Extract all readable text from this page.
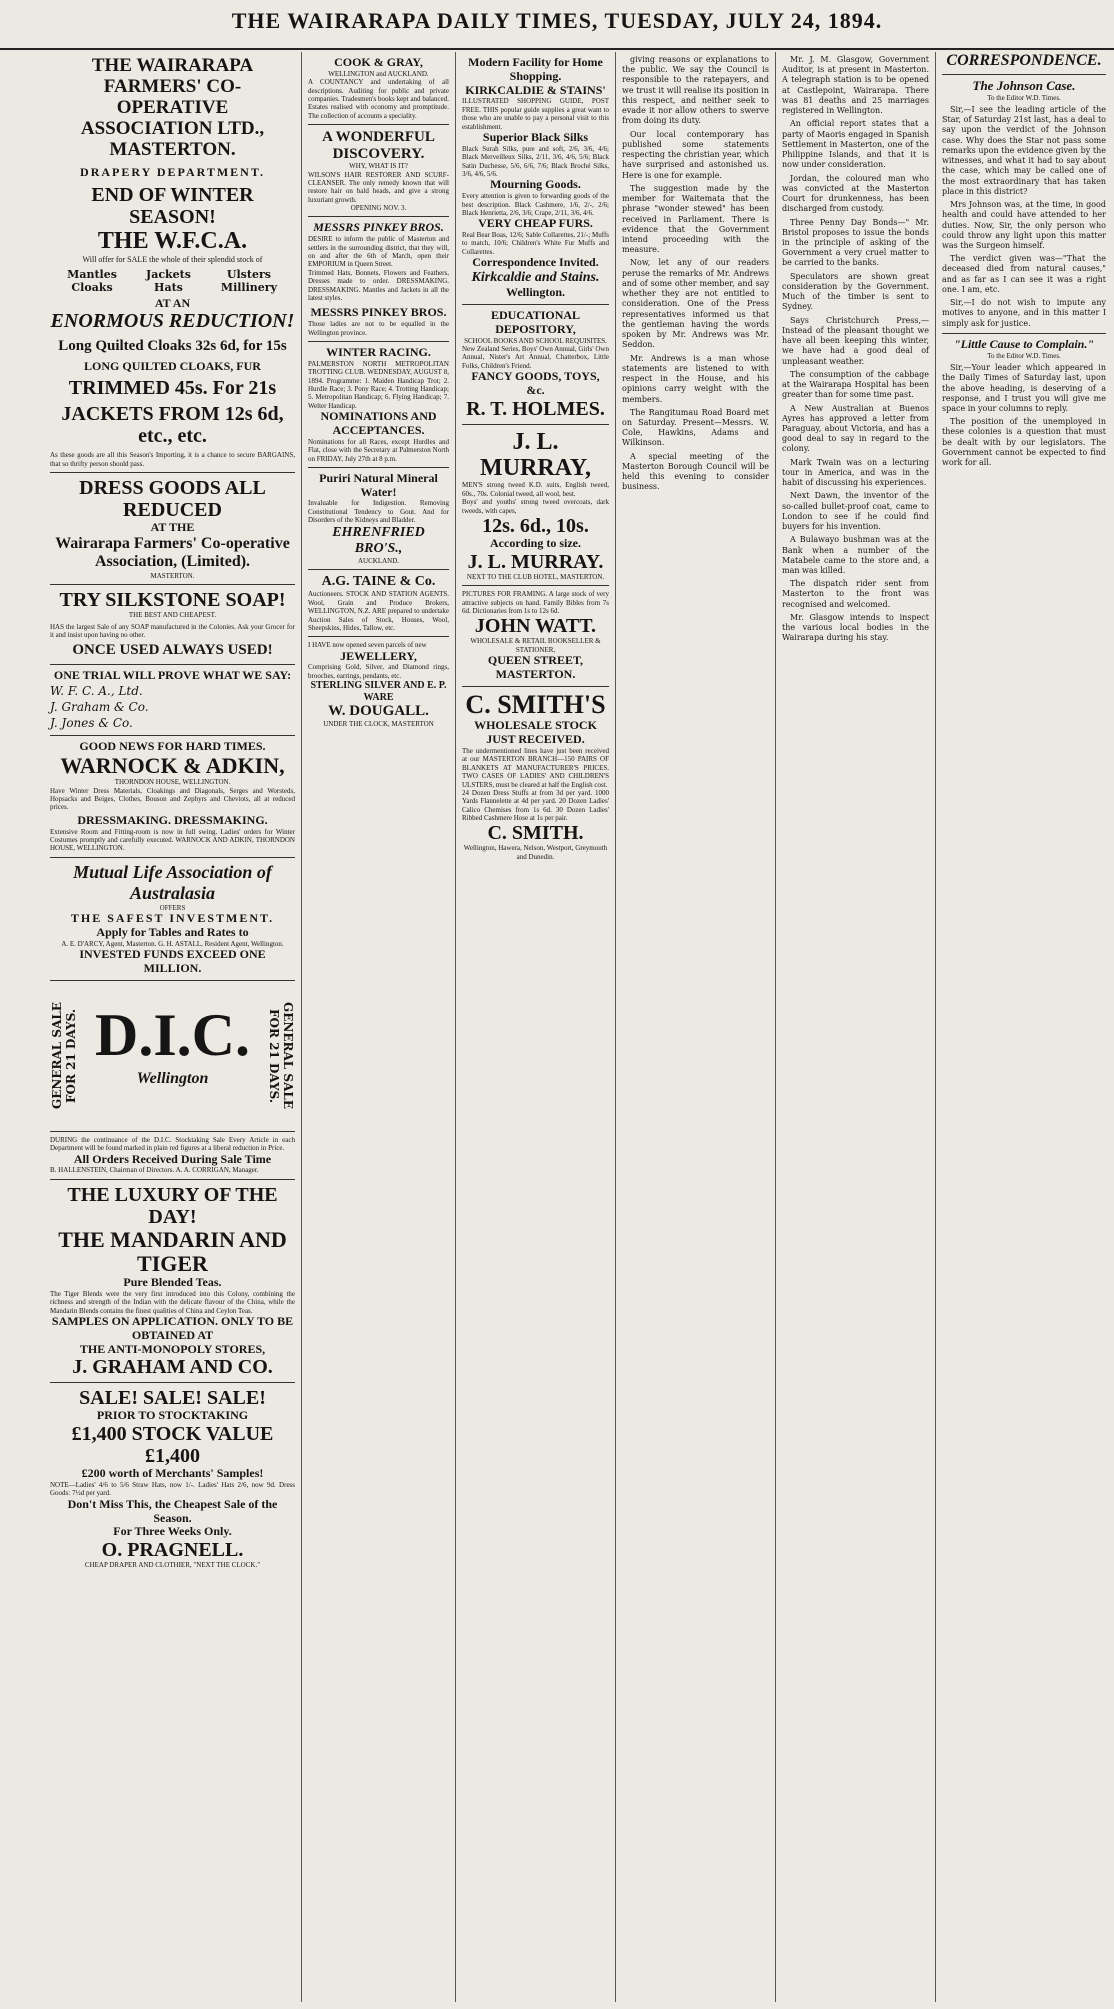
THE WAIRARAPA DAILY TIMES, TUESDAY, JULY 24, 1894.
THE WAIRARAPA FARMERS' CO-OPERATIVE ASSOCIATION LTD., MASTERTON.
DRAPERY DEPARTMENT.
END OF WINTER SEASON!
THE W.F.C.A.
Will offer for SALE the whole of their splendid stock of
Mantles Cloaks
Jackets Hats
Ulsters Millinery
AT AN
ENORMOUS REDUCTION!
Long Quilted Cloaks 32s 6d, for 15s
LONG QUILTED CLOAKS, FUR
TRIMMED 45s. For 21s
JACKETS FROM 12s 6d, etc., etc.
As these goods are all this Season's Importing, it is a chance to secure BARGAINS, that so thrifty person should pass.
DRESS GOODS ALL REDUCED
AT THE
Wairarapa Farmers' Co-operative Association, (Limited).
MASTERTON.
TRY SILKSTONE SOAP!
THE BEST AND CHEAPEST.
HAS the largest Sale of any SOAP manufactured in the Colonies. Ask your Grocer for it and insist upon having no other.
ONCE USED ALWAYS USED!
ONE TRIAL WILL PROVE WHAT WE SAY:
W. F. C. A., Ltd.
J. Graham & Co.
J. Jones & Co.
GOOD NEWS FOR HARD TIMES.
WARNOCK & ADKIN,
THORNDON HOUSE, WELLINGTON.
Have Winter Dress Materials, Cloakings and Diagonals, Serges and Worsteds, Hopsacks and Beiges, Clothes, Bouson and Zephyrs and Cheviots, all at reduced prices.
DRESSMAKING. DRESSMAKING.
Extensive Room and Fitting-room is now in full swing. Ladies' orders for Winter Costumes promptly and carefully executed. WARNOCK AND ADKIN, THORNDON HOUSE, WELLINGTON.
Mutual Life Association of Australasia
OFFERS
THE SAFEST INVESTMENT.
Apply for Tables and Rates to
A. E. D'ARCY, Agent, Masterton. G. H. ASTALL, Resident Agent, Wellington.
INVESTED FUNDS EXCEED ONE MILLION.
GENERAL SALE FOR 21 DAYS. D.I.C.
Wellington	GENERAL SALE FOR 21 DAYS.
DURING the continuance of the D.I.C. Stocktaking Sale Every Article in each Department will be found marked in plain red figures at a liberal reduction in Price.
All Orders Received During Sale Time
B. HALLENSTEIN, Chairman of Directors. A. A. CORRIGAN, Manager.
THE LUXURY OF THE DAY!
THE MANDARIN AND TIGER
Pure Blended Teas.
The Tiger Blends were the very first introduced into this Colony, combining the richness and strength of the Indian with the delicate flavour of the China, while the Mandarin Blends contains the finest qualities of China and Ceylon Teas.
SAMPLES ON APPLICATION. ONLY TO BE OBTAINED AT
THE ANTI-MONOPOLY STORES,
J. GRAHAM AND CO.
SALE! SALE! SALE!
PRIOR TO STOCKTAKING
£1,400 STOCK VALUE £1,400
£200 worth of Merchants' Samples!
NOTE—Ladies' 4/6 to 5/6 Straw Hats, now 1/-. Ladies' Hats 2/6, now 9d. Dress Goods: 7½d per yard.
Don't Miss This, the Cheapest Sale of the Season.
For Three Weeks Only.
O. PRAGNELL.
CHEAP DRAPER AND CLOTHIER, "NEXT THE CLOCK."
COOK & GRAY,
WELLINGTON and AUCKLAND.
A COUNTANCY and undertaking of all descriptions. Auditing for public and private companies. Tradesmen's books kept and balanced. Estates realised with economy and promptitude. The collection of accounts a speciality.
A WONDERFUL DISCOVERY.
WHY, WHAT IS IT?
WILSON'S HAIR RESTORER AND SCURF-CLEANSER. The only remedy known that will restore hair on bald heads, and give a strong luxuriant growth.
OPENING NOV. 3.
MESSRS PINKEY BROS.
DESIRE to inform the public of Masterton and settlers in the surrounding district, that they will, on and after the 6th of March, open their EMPORIUM in Queen Street.
Trimmed Hats, Bonnets, Flowers and Feathers, Dresses made to order. DRESSMAKING. DRESSMAKING. Mantles and Jackets in all the latest styles.
MESSRS PINKEY BROS.
Those ladies are not to be equalled in the Wellington province.
WINTER RACING.
PALMERSTON NORTH METROPOLITAN TROTTING CLUB. WEDNESDAY, AUGUST 8, 1894. Programme: 1. Maiden Handicap Trot; 2. Hurdle Race; 3. Pony Race; 4. Trotting Handicap; 5. Metropolitan Handicap; 6. Flying Handicap; 7. Welter Handicap.
NOMINATIONS AND ACCEPTANCES.
Nominations for all Races, except Hurdles and Flat, close with the Secretary at Palmerston North on FRIDAY, July 27th at 8 p.m.
Puriri Natural Mineral Water!
Invaluable for Indigestion. Removing Constitutional Tendency to Gout. And for Disorders of the Kidneys and Bladder.
EHRENFRIED BRO'S.,
AUCKLAND.
A.G. TAINE & Co.
Auctioneers. STOCK AND STATION AGENTS. Wool, Grain and Produce Brokers, WELLINGTON, N.Z. ARE prepared to undertake Auction Sales of Stock, Houses, Wool, Sheepskins, Hides, Tallow, etc.
I HAVE now opened seven parcels of new
JEWELLERY,
Comprising Gold, Silver, and Diamond rings, brooches, earrings, pendants, etc.
STERLING SILVER AND E. P. WARE
W. DOUGALL.
UNDER THE CLOCK, MASTERTON
Modern Facility for Home Shopping.
KIRKCALDIE & STAINS'
ILLUSTRATED SHOPPING GUIDE, POST FREE. THIS popular guide supplies a great want to those who are unable to pay a personal visit to this establishment.
Superior Black Silks
Black Surah Silks, pure and soft, 2/6, 3/6, 4/6; Black Merveilleux Silks, 2/11, 3/6, 4/6, 5/6; Black Satin Duchesse, 5/6, 6/6, 7/6; Black Broché Silks, 3/6, 4/6, 5/6.
Mourning Goods.
Every attention is given to forwarding goods of the best description. Black Cashmere, 1/6, 2/-, 2/6; Black Henrietta, 2/6, 3/6; Crape, 2/11, 3/6, 4/6.
VERY CHEAP FURS.
Real Bear Boas, 12/6; Sable Collarettes, 21/-; Muffs to match, 10/6; Children's White Fur Muffs and Collarettes.
Correspondence Invited.
Kirkcaldie and Stains.
Wellington.
EDUCATIONAL DEPOSITORY,
SCHOOL BOOKS AND SCHOOL REQUISITES.
New Zealand Series, Boys' Own Annual, Girls' Own Annual, Nister's Art Annual, Chatterbox, Little Folks, Children's Friend.
FANCY GOODS, TOYS, &c.
R. T. HOLMES.
J. L. MURRAY,
MEN'S strong tweed K.D. suits, English tweed, 60s., 70s. Colonial tweed, all wool, best.
Boys' and youths' strong tweed overcoats, dark tweeds, with capes,
12s. 6d., 10s.
According to size.
J. L. MURRAY.
NEXT TO THE CLUB HOTEL, MASTERTON.
PICTURES FOR FRAMING. A large stock of very attractive subjects on hand. Family Bibles from 7s 6d. Dictionaries from 1s to 12s 6d.
JOHN WATT.
WHOLESALE & RETAIL BOOKSELLER & STATIONER,
QUEEN STREET, MASTERTON.
C. SMITH'S
WHOLESALE STOCK JUST RECEIVED.
The undermentioned lines have just been received at our MASTERTON BRANCH—150 PAIRS OF BLANKETS AT MANUFACTURER'S PRICES. TWO CASES OF LADIES' AND CHILDREN'S ULSTERS, must be cleared at half the English cost.
24 Dozen Dress Stuffs at from 3d per yard. 1000 Yards Flannelette at 4d per yard. 20 Dozen Ladies' Calico Chemises from 1s 6d. 30 Dozen Ladies' Ribbed Cashmere Hose at 1s per pair.
C. SMITH.
Wellington, Hawera, Nelson, Westport, Greymouth and Dunedin.
giving reasons or explanations to the public. We say the Council is responsible to the ratepayers, and we trust it will realise its position in this respect, and neither seek to evade it nor allow others to swerve from doing its duty.
Our local contemporary has published some statements respecting the christian year, which have surprised and astonished us. Here is one for example.
The suggestion made by the member for Waitemata that the phrase "wonder stewed" has been received in Parliament. There is evidence that the Government intend proceeding with the measure.
Now, let any of our readers peruse the remarks of Mr. Andrews and of some other member, and say whether they are not entitled to consideration. One of the Press representatives informed us that the gentleman having the words spoken by Mr. Andrews was Mr. Seddon.
Mr. Andrews is a man whose statements are listened to with respect in the House, and his opinions carry weight with the members.
The Rangitumau Road Board met on Saturday. Present—Messrs. W. Cole, Hawkins, Adams and Wilkinson.
A special meeting of the Masterton Borough Council will be held this evening to consider business.
Mr. J. M. Glasgow, Government Auditor, is at present in Masterton. A telegraph station is to be opened at Castlepoint, Wairarapa. There was 81 deaths and 25 marriages registered in Wellington.
An official report states that a party of Maoris engaged in Spanish Settlement in Masterton, one of the Philippine Islands, and that it is now under consideration.
Jordan, the coloured man who was convicted at the Masterton Court for drunkenness, has been discharged from custody.
Three Penny Day Bonds—" Mr. Bristol proposes to issue the bonds in the principle of asking of the Government a very cruel matter to be carried to the banks.
Speculators are shown great consideration by the Government. Much of the timber is sent to Sydney.
Says Christchurch Press,—Instead of the pleasant thought we have all been keeping this winter, we have had a good deal of unpleasant weather.
The consumption of the cabbage at the Wairarapa Hospital has been greater than for some time past.
A New Australian at Buenos Ayres has approved a letter from Paraguay, about Victoria, and has a good deal to say in regard to the colony.
Mark Twain was on a lecturing tour in America, and was in the habit of discussing his experiences.
Next Dawn, the inventor of the so-called bullet-proof coat, came to London to see if he could find buyers for his invention.
A Bulawayo bushman was at the Bank when a number of the Matabele came to the store and, a man was killed.
The dispatch rider sent from Masterton to the front was recognised and welcomed.
Mr. Glasgow intends to inspect the various local bodies in the Wairarapa during his stay.
CORRESPONDENCE.
The Johnson Case.
To the Editor W.D. Times.
Sir,—I see the leading article of the Star, of Saturday 21st last, has a deal to say upon the verdict of the Johnson case. Why does the Star not pass some remarks upon the evidence given by the witnesses, and what it had to say about the case, which may be called one of the most extraordinary that has taken place in this district?
Mrs Johnson was, at the time, in good health and could have attended to her duties. Now, Sir, the only person who could throw any light upon this matter was the Surgeon himself.
The verdict given was—"That the deceased died from natural causes," and as far as I can see it was a right one. I am, etc.
Sir,—I do not wish to impute any motives to anyone, and in this matter I simply ask for justice.
"Little Cause to Complain."
To the Editor W.D. Times.
Sir,—Your leader which appeared in the Daily Times of Saturday last, upon the above heading, is deserving of a response, and I trust you will give me space in your columns to reply.
The position of the unemployed in these colonies is a question that must be dealt with by our legislators. The Government cannot be expected to find work for all.
